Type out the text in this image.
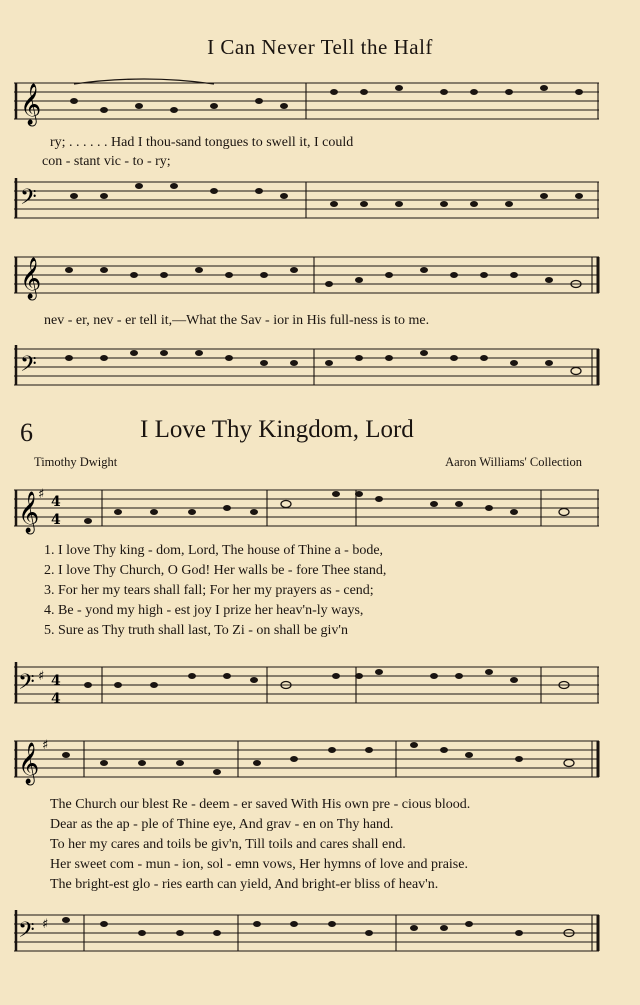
I Can Never Tell the Half
𝄞
ry; . . . . . . Had I thou-sand tongues to swell it, I could
con - stant vic - to - ry;
𝄢
𝄞
nev - er, nev - er tell it,—What the Sav - ior in His full-ness is to me.
𝄢
6	I Love Thy Kingdom, Lord
Timothy Dwight	Aaron Williams' Collection
𝄞
♯ 4
4
1. I love Thy king - dom, Lord, The house of Thine a - bode,
2. I love Thy Church, O God! Her walls be - fore Thee stand,
3. For her my tears shall fall; For her my prayers as - cend;
4. Be - yond my high - est joy I prize her heav'n-ly ways,
5. Sure as Thy truth shall last, To Zi - on shall be giv'n
𝄢 ♯ 4
4
𝄞 ♯
The Church our blest Re - deem - er saved With His own pre - cious blood.
Dear as the ap - ple of Thine eye, And grav - en on Thy hand.
To her my cares and toils be giv'n, Till toils and cares shall end.
Her sweet com - mun - ion, sol - emn vows, Her hymns of love and praise.
The bright-est glo - ries earth can yield, And bright-er bliss of heav'n.
𝄢 ♯
